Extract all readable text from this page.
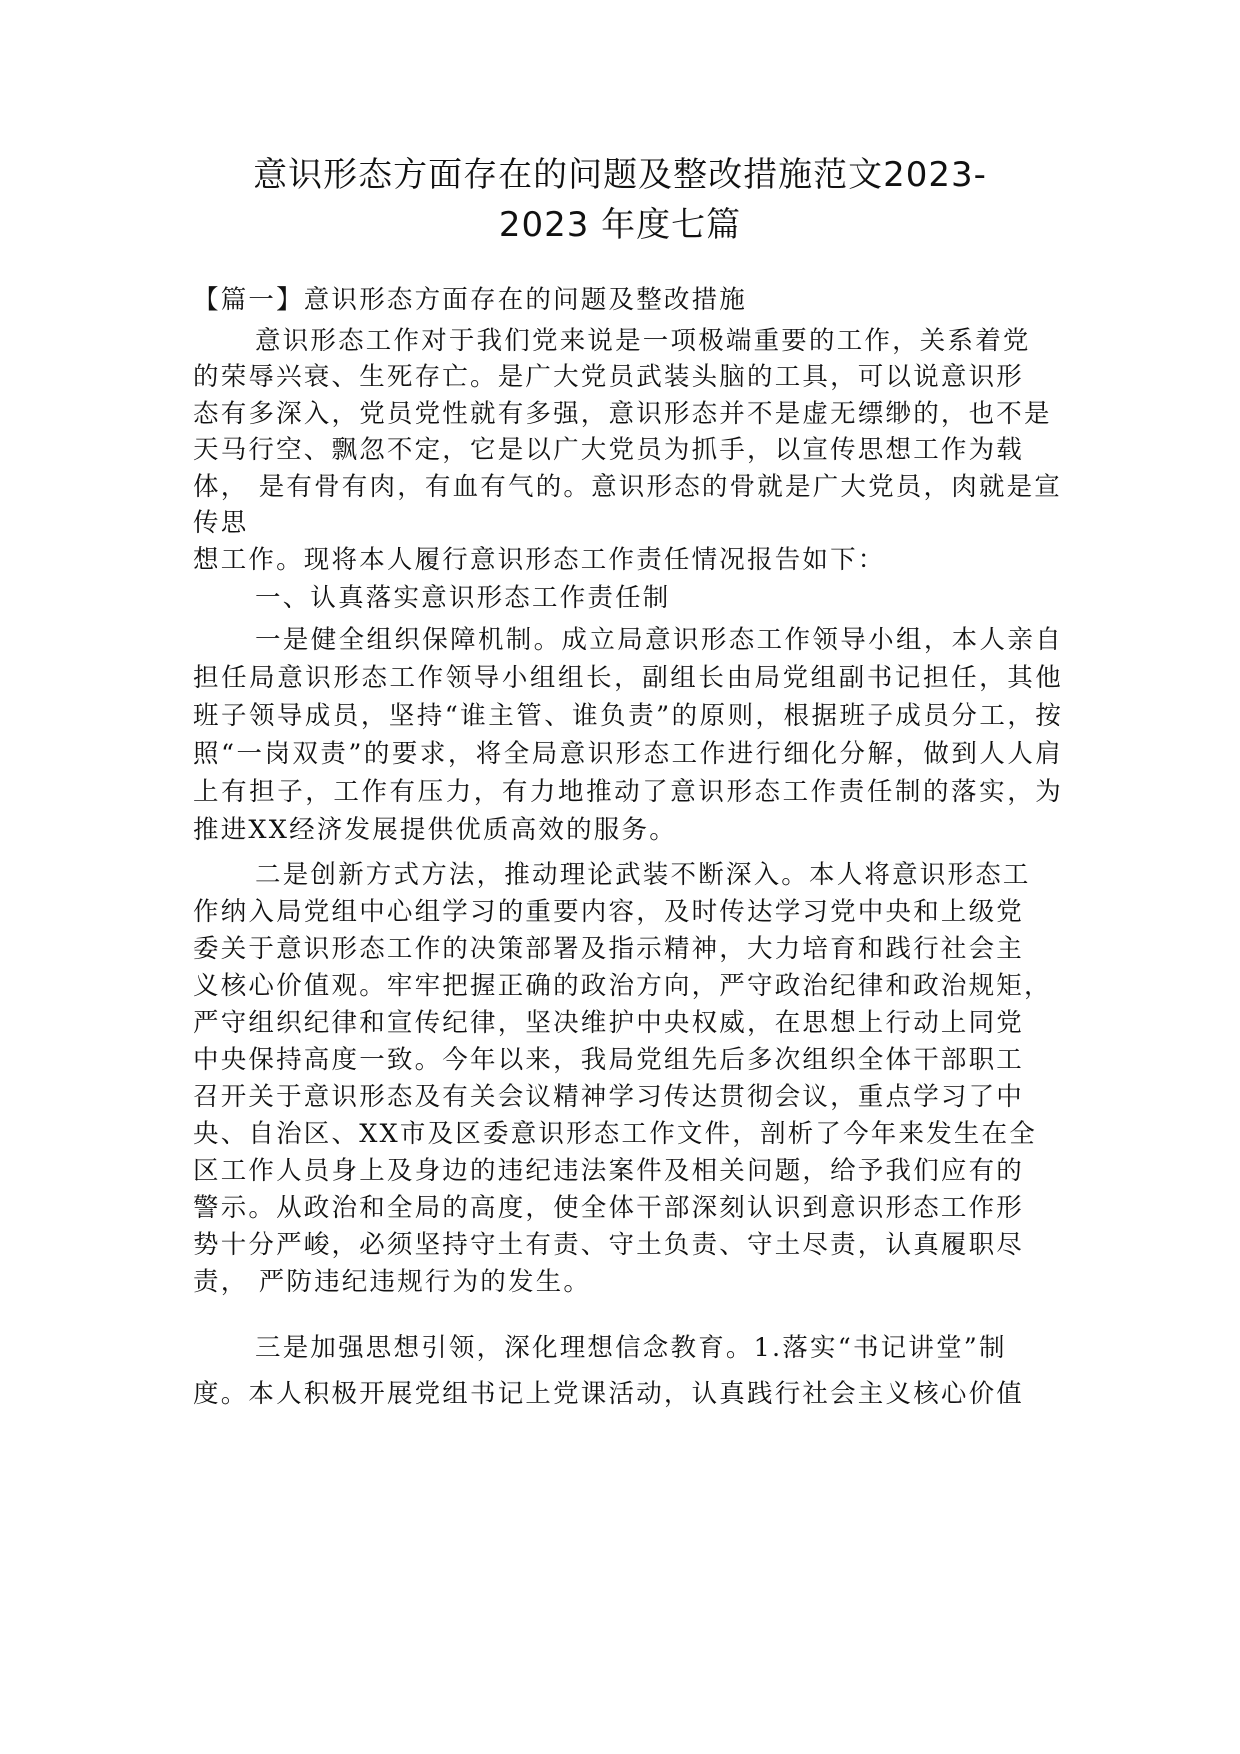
意识形态方面存在的问题及整改措施范文2023-
2023 年度七篇
【篇一】意识形态方面存在的问题及整改措施
意识形态工作对于我们党来说是一项极端重要的工作，关系着党
的荣辱兴衰、生死存亡。是广大党员武装头脑的工具，可以说意识形
态有多深入，党员党性就有多强，意识形态并不是虚无缥缈的，也不是
天马行空、飘忽不定，它是以广大党员为抓手，以宣传思想工作为载
体， 是有骨有肉，有血有气的。意识形态的骨就是广大党员，肉就是宣
传思
想工作。现将本人履行意识形态工作责任情况报告如下：
一、认真落实意识形态工作责任制

一是健全组织保障机制。成立局意识形态工作领导小组，本人亲自担任局意识形态工作领导小组组长，副组长由局党组副书记担任，其他班子领导成员，坚持“谁主管、谁负责”的原则，根据班子成员分工，按照“一岗双责”的要求，将全局意识形态工作进行细化分解，做到人人肩上有担子，工作有压力，有力地推动了意识形态工作责任制的落实，为推进XX经济发展提供优质高效的服务。

二是创新方式方法，推动理论武装不断深入。本人将意识形态工
作纳入局党组中心组学习的重要内容，及时传达学习党中央和上级党
委关于意识形态工作的决策部署及指示精神，大力培育和践行社会主
义核心价值观。牢牢把握正确的政治方向，严守政治纪律和政治规矩，
严守组织纪律和宣传纪律，坚决维护中央权威，在思想上行动上同党
中央保持高度一致。今年以来，我局党组先后多次组织全体干部职工
召开关于意识形态及有关会议精神学习传达贯彻会议，重点学习了中
央、自治区、XX市及区委意识形态工作文件，剖析了今年来发生在全
区工作人员身上及身边的违纪违法案件及相关问题，给予我们应有的
警示。从政治和全局的高度，使全体干部深刻认识到意识形态工作形
势十分严峻，必须坚持守土有责、守土负责、守土尽责，认真履职尽
责， 严防违纪违规行为的发生。
三是加强思想引领，深化理想信念教育。1.落实“书记讲堂”制
度。本人积极开展党组书记上党课活动，认真践行社会主义核心价值
